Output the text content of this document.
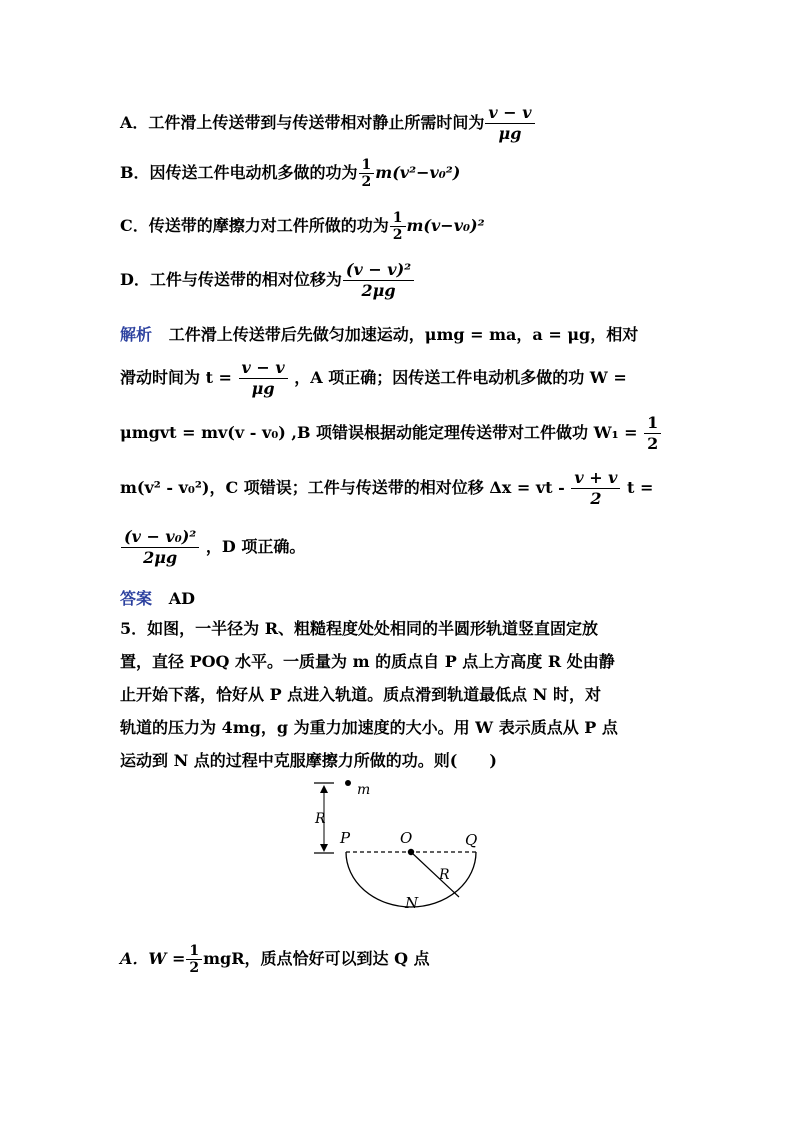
A．工件滑上传送带到与传送带相对静止所需时间为 $\frac{v - v}{\mu g}$
B．因传送工件电动机多做的功为 $\frac{1}{2} m(v^2-v_0^2)$
C．传送带的摩擦力对工件所做的功为 $\frac{1}{2} m(v-v_0)^2$
D．工件与传送带的相对位移为 $\frac{\text{(v − v)²}}{2\mu g}$
解析 工件滑上传送带后先做匀加速运动，μmg = ma，a = μg，相对
滑动时间为 $t = \frac{v - v}{\mu g}$ ，A 项正确；因传送工件电动机多做的功 W =
μmgvt = mv(v - v₀) ,B 项错误根据动能定理传送带对工件做功 $W_1 = \frac{1}{2}$
m(v² - v₀²)，C 项错误；工件与传送带的相对位移 Δx = vt - $\frac{v + v}{2}$ t =
$\frac{\text{(v − v₀)²}}{2\mu g}$ ，D 项正确。
答案 AD
5．如图，一半径为 R、粗糙程度处处相同的半圆形轨道竖直固定放
置，直径 POQ 水平。一质量为 m 的质点自 P 点上方高度 R 处由静
止开始下落，恰好从 P 点进入轨道。质点滑到轨道最低点 N 时，对
轨道的压力为 4mg，g 为重力加速度的大小。用 W 表示质点从 P 点
运动到 N 点的过程中克服摩擦力所做的功。则(　　)
m
R
P	O	Q
R
N
A．$W = \frac{1}{2}$ mgR，质点恰好可以到达 Q 点
